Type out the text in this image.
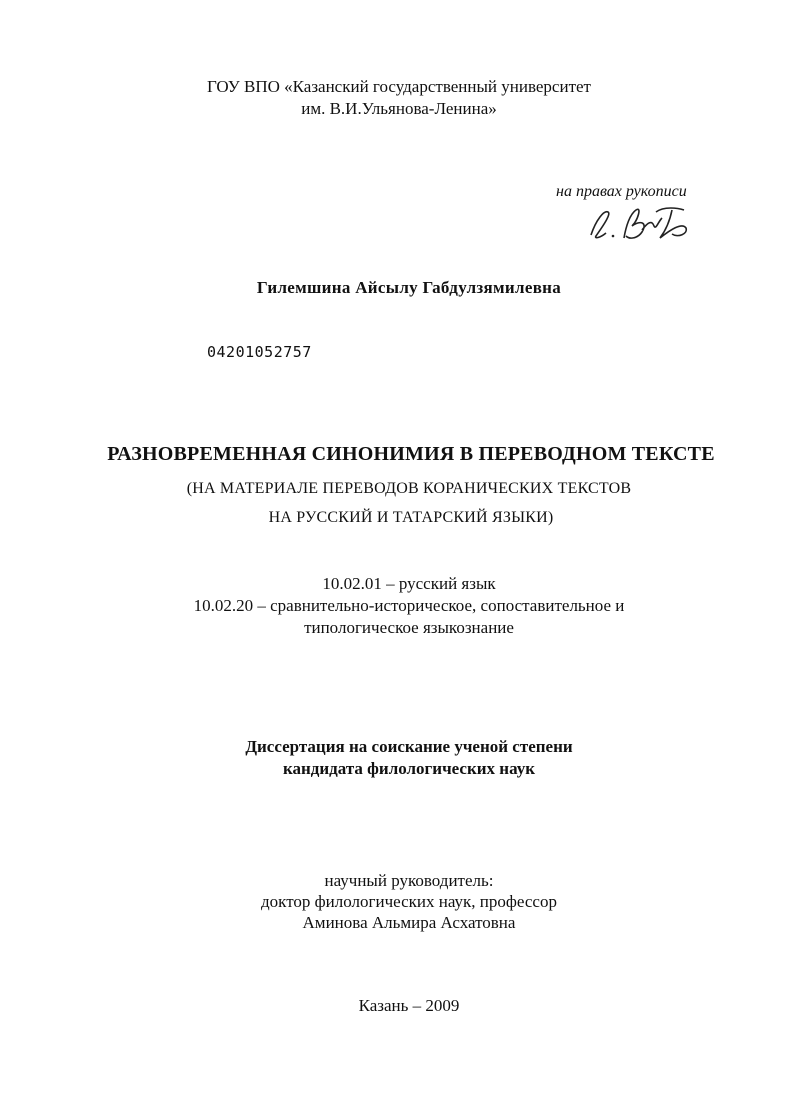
ГОУ ВПО «Казанский государственный университет
им. В.И.Ульянова-Ленина»
на правах рукописи
Гилемшина Айсылу Габдулзямилевна
04201052757
РАЗНОВРЕМЕННАЯ СИНОНИМИЯ В ПЕРЕВОДНОМ ТЕКСТЕ
(НА МАТЕРИАЛЕ ПЕРЕВОДОВ КОРАНИЧЕСКИХ ТЕКСТОВ
НА РУССКИЙ И ТАТАРСКИЙ ЯЗЫКИ)
10.02.01 – русский язык
10.02.20 – сравнительно-историческое, сопоставительное и
типологическое языкознание
Диссертация на соискание ученой степени
кандидата филологических наук
научный руководитель:
доктор филологических наук, профессор
Аминова Альмира Асхатовна
Казань – 2009
